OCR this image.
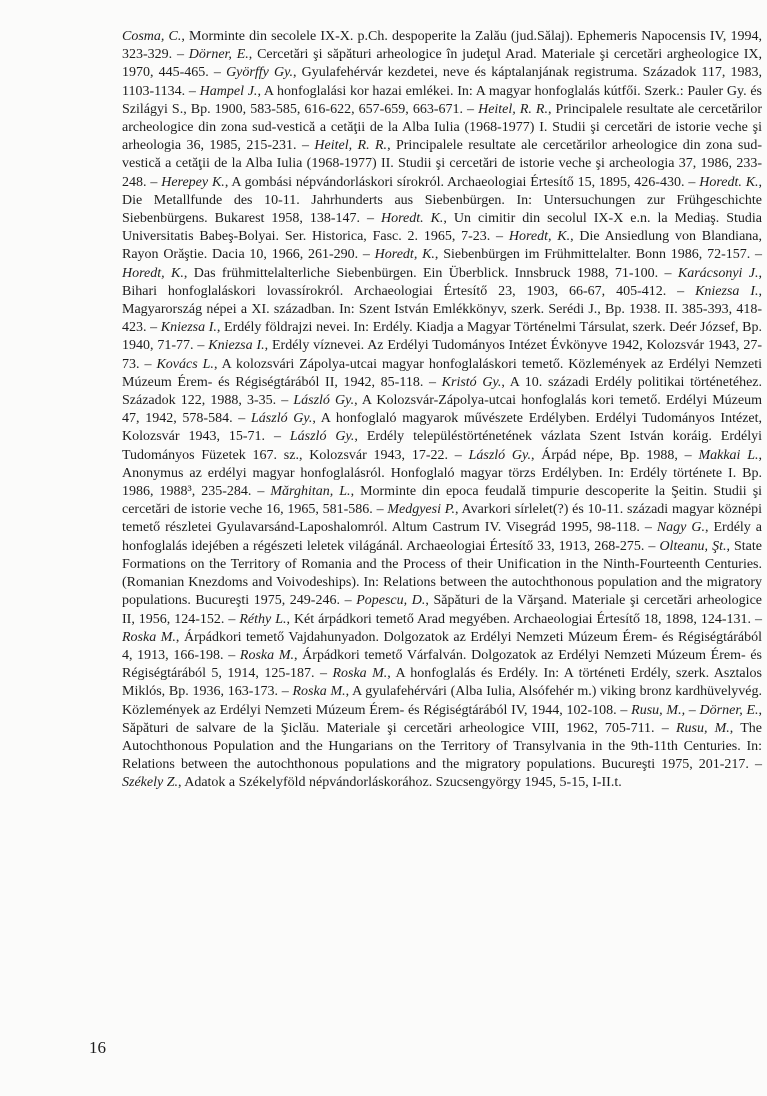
Cosma, C., Morminte din secolele IX-X. p.Ch. despoperite la Zalău (jud.Sălaj). Ephemeris Napocensis IV, 1994, 323-329. – Dörner, E., Cercetări şi săpături arheologice în judeţul Arad. Materiale şi cercetări argheologice IX, 1970, 445-465. – Györffy Gy., Gyulafehérvár kezdetei, neve és káptalanjának registruma. Századok 117, 1983, 1103-1134. – Hampel J., A honfoglalási kor hazai emlékei. In: A magyar honfoglalás kútfői. Szerk.: Pauler Gy. és Szilágyi S., Bp. 1900, 583-585, 616-622, 657-659, 663-671. – Heitel, R. R., Principalele resultate ale cercetărilor archeologice din zona sud-vestică a cetăţii de la Alba Iulia (1968-1977) I. Studii şi cercetări de istorie veche şi arheologia 36, 1985, 215-231. – Heitel, R. R., Principalele resultate ale cercetărilor arheologice din zona sud-vestică a cetăţii de la Alba Iulia (1968-1977) II. Studii şi cercetări de istorie veche şi archeologia 37, 1986, 233-248. – Herepey K., A gombási népvándorláskori sírokról. Archaeologiai Értesítő 15, 1895, 426-430. – Horedt. K., Die Metallfunde des 10-11. Jahrhunderts aus Siebenbürgen. In: Untersuchungen zur Frühgeschichte Siebenbürgens. Bukarest 1958, 138-147. – Horedt. K., Un cimitir din secolul IX-X e.n. la Mediaş. Studia Universitatis Babeş-Bolyai. Ser. Historica, Fasc. 2. 1965, 7-23. – Horedt, K., Die Ansiedlung von Blandiana, Rayon Orăştie. Dacia 10, 1966, 261-290. – Horedt, K., Siebenbürgen im Frühmittelalter. Bonn 1986, 72-157. – Horedt, K., Das frühmittelalterliche Siebenbürgen. Ein Überblick. Innsbruck 1988, 71-100. – Karácsonyi J., Bihari honfoglaláskori lovassírokról. Archaeologiai Értesítő 23, 1903, 66-67, 405-412. – Kniezsa I., Magyarország népei a XI. században. In: Szent István Emlékkönyv, szerk. Serédi J., Bp. 1938. II. 385-393, 418-423. – Kniezsa I., Erdély földrajzi nevei. In: Erdély. Kiadja a Magyar Történelmi Társulat, szerk. Deér József, Bp. 1940, 71-77. – Kniezsa I., Erdély víznevei. Az Erdélyi Tudományos Intézet Évkönyve 1942, Kolozsvár 1943, 27-73. – Kovács L., A kolozsvári Zápolya-utcai magyar honfoglaláskori temető. Közlemények az Erdélyi Nemzeti Múzeum Érem- és Régiségtárából II, 1942, 85-118. – Kristó Gy., A 10. századi Erdély politikai történetéhez. Századok 122, 1988, 3-35. – László Gy., A Kolozsvár-Zápolya-utcai honfoglalás kori temető. Erdélyi Múzeum 47, 1942, 578-584. – László Gy., A honfoglaló magyarok művészete Erdélyben. Erdélyi Tudományos Intézet, Kolozsvár 1943, 15-71. – László Gy., Erdély településtörténetének vázlata Szent István koráig. Erdélyi Tudományos Füzetek 167. sz., Kolozsvár 1943, 17-22. – László Gy., Árpád népe, Bp. 1988, – Makkai L., Anonymus az erdélyi magyar honfoglalásról. Honfoglaló magyar törzs Erdélyben. In: Erdély története I. Bp. 1986, 1988³, 235-284. – Mărghitan, L., Morminte din epoca feudală timpurie descoperite la Şeitin. Studii şi cercetări de istorie veche 16, 1965, 581-586. – Medgyesi P., Avarkori sírlelet(?) és 10-11. századi magyar köznépi temető részletei Gyulavarsánd-Laposhalomról. Altum Castrum IV. Visegrád 1995, 98-118. – Nagy G., Erdély a honfoglalás idejében a régészeti leletek világánál. Archaeologiai Értesítő 33, 1913, 268-275. – Olteanu, Şt., State Formations on the Territory of Romania and the Process of their Unification in the Ninth-Fourteenth Centuries. (Romanian Knezdoms and Voivodeships). In: Relations between the autochthonous population and the migratory populations. Bucureşti 1975, 249-246. – Popescu, D., Săpături de la Vărşand. Materiale şi cercetări arheologice II, 1956, 124-152. – Réthy L., Két árpádkori temető Arad megyében. Archaeologiai Értesítő 18, 1898, 124-131. – Roska M., Árpádkori temető Vajdahunyadon. Dolgozatok az Erdélyi Nemzeti Múzeum Érem- és Régiségtárából 4, 1913, 166-198. – Roska M., Árpádkori temető Várfalván. Dolgozatok az Erdélyi Nemzeti Múzeum Érem- és Régiségtárából 5, 1914, 125-187. – Roska M., A honfoglalás és Erdély. In: A történeti Erdély, szerk. Asztalos Miklós, Bp. 1936, 163-173. – Roska M., A gyulafehérvári (Alba Iulia, Alsófehér m.) viking bronz kardhüvelyvég. Közlemények az Erdélyi Nemzeti Múzeum Érem- és Régiségtárából IV, 1944, 102-108. – Rusu, M., – Dörner, E., Săpături de salvare de la Şiclău. Materiale şi cercetări arheologice VIII, 1962, 705-711. – Rusu, M., The Autochthonous Population and the Hungarians on the Territory of Transylvania in the 9th-11th Centuries. In: Relations between the autochthonous populations and the migratory populations. Bucureşti 1975, 201-217. – Székely Z., Adatok a Székelyföld népvándorláskorához. Szucsengyörgy 1945, 5-15, I-II.t.

16
